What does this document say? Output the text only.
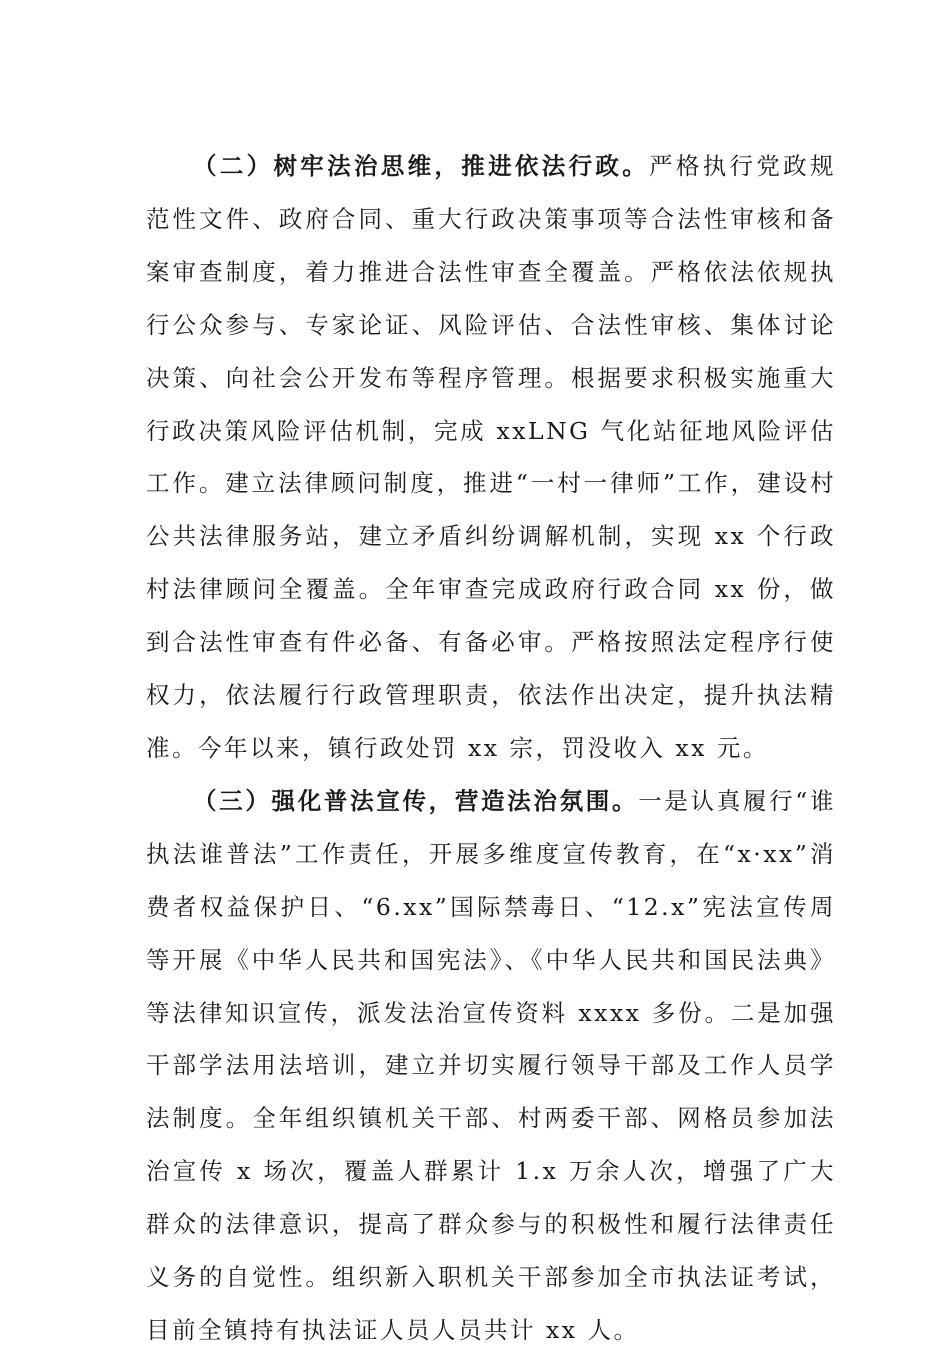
（二）树牢法治思维，推进依法行政。严格执行党政规范性文件、政府合同、重大行政决策事项等合法性审核和备案审查制度，着力推进合法性审查全覆盖。严格依法依规执行公众参与、专家论证、风险评估、合法性审核、集体讨论决策、向社会公开发布等程序管理。根据要求积极实施重大行政决策风险评估机制，完成 xxLNG 气化站征地风险评估工作。建立法律顾问制度，推进“一村一律师”工作，建设村公共法律服务站，建立矛盾纠纷调解机制，实现 xx 个行政村法律顾问全覆盖。全年审查完成政府行政合同 xx 份，做到合法性审查有件必备、有备必审。严格按照法定程序行使权力，依法履行行政管理职责，依法作出决定，提升执法精准。今年以来，镇行政处罚 xx 宗，罚没收入 xx 元。

（三）强化普法宣传，营造法治氛围。一是认真履行“谁执法谁普法”工作责任，开展多维度宣传教育，在“x·xx”消费者权益保护日、“6.xx”国际禁毒日、“12.x”宪法宣传周等开展《中华人民共和国宪法》、《中华人民共和国民法典》等法律知识宣传，派发法治宣传资料 xxxx 多份。二是加强干部学法用法培训，建立并切实履行领导干部及工作人员学法制度。全年组织镇机关干部、村两委干部、网格员参加法治宣传 x 场次，覆盖人群累计 1.x 万余人次，增强了广大群众的法律意识，提高了群众参与的积极性和履行法律责任义务的自觉性。组织新入职机关干部参加全市执法证考试，目前全镇持有执法证人员人员共计 xx 人。
